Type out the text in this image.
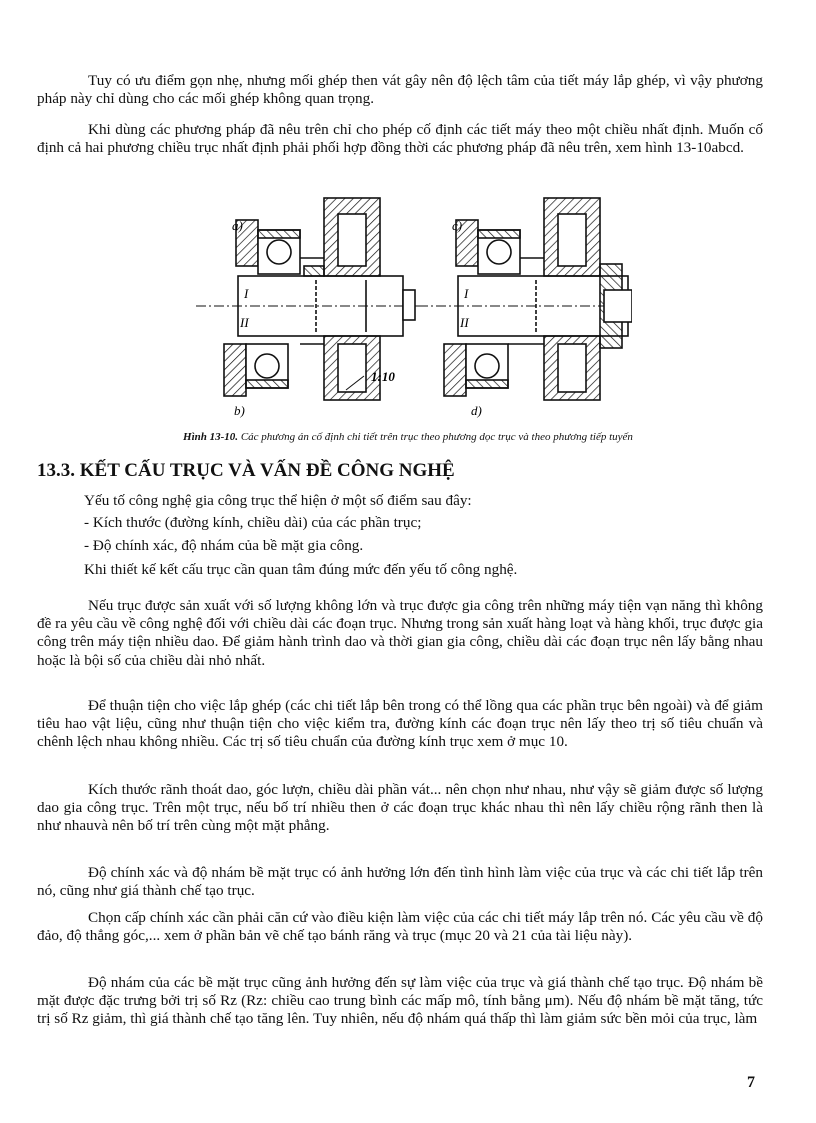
Tuy có ưu điểm gọn nhẹ, nhưng mối ghép then vát gây nên độ lệch tâm của tiết máy lắp ghép, vì vậy phương pháp này chỉ dùng cho các mối ghép không quan trọng.

Khi dùng các phương pháp đã nêu trên chỉ cho phép cố định các tiết máy theo một chiều nhất định. Muốn cố định cả hai phương chiều trục nhất định phải phối hợp đồng thời các phương pháp đã nêu trên, xem hình 13-10abcd.

a)
b)
1:10
I
II
c)
d)
I
II

Hình 13-10. Các phương án cố định chi tiết trên trục theo phương dọc trục và theo phương tiếp tuyến

13.3. KẾT CẤU TRỤC VÀ VẤN ĐỀ CÔNG NGHỆ

Yếu tố công nghệ gia công trục thể hiện ở một số điểm sau đây:

- Kích thước (đường kính, chiều dài) của các phần trục;

- Độ chính xác, độ nhám của bề mặt gia công.

Khi thiết kế kết cấu trục cần quan tâm đúng mức đến yếu tố công nghệ.

Nếu trục được sản xuất với số lượng không lớn và trục được gia công trên những máy tiện vạn năng thì không đề ra yêu cầu về công nghệ đối với chiều dài các đoạn trục. Nhưng trong sản xuất hàng loạt và hàng khối, trục được gia công trên máy tiện nhiều dao. Để giảm hành trình dao và thời gian gia công, chiều dài các đoạn trục nên lấy bằng nhau hoặc là bội số của chiều dài nhỏ nhất.

Để thuận tiện cho việc lắp ghép (các chi tiết lắp bên trong có thể lồng qua các phần trục bên ngoài) và để giảm tiêu hao vật liệu, cũng như thuận tiện cho việc kiểm tra, đường kính các đoạn trục nên lấy theo trị số tiêu chuẩn và chênh lệch nhau không nhiều. Các trị số tiêu chuẩn của đường kính trục xem ở mục 10.

Kích thước rãnh thoát dao, góc lượn, chiều dài phần vát... nên chọn như nhau, như vậy sẽ giảm được số lượng dao gia công trục. Trên một trục, nếu bố trí nhiều then ở các đoạn trục khác nhau thì nên lấy chiều rộng rãnh then là như nhauvà nên bố trí trên cùng một mặt phẳng.

Độ chính xác và độ nhám bề mặt trục có ảnh hưởng lớn đến tình hình làm việc của trục và các chi tiết lắp trên nó, cũng như giá thành chế tạo trục.

Chọn cấp chính xác cần phải căn cứ vào điều kiện làm việc của các chi tiết máy lắp trên nó. Các yêu cầu về độ đảo, độ thẳng góc,... xem ở phần bản vẽ chế tạo bánh răng và trục (mục 20 và 21 của tài liệu này).

Độ nhám của các bề mặt trục cũng ảnh hưởng đến sự làm việc của trục và giá thành chế tạo trục. Độ nhám bề mặt được đặc trưng bởi trị số Rz (Rz: chiều cao trung bình các mấp mô, tính bằng μm). Nếu độ nhám bề mặt tăng, tức trị số Rz giảm, thì giá thành chế tạo tăng lên. Tuy nhiên, nếu độ nhám quá thấp thì làm giảm sức bền mỏi của trục, làm

7
